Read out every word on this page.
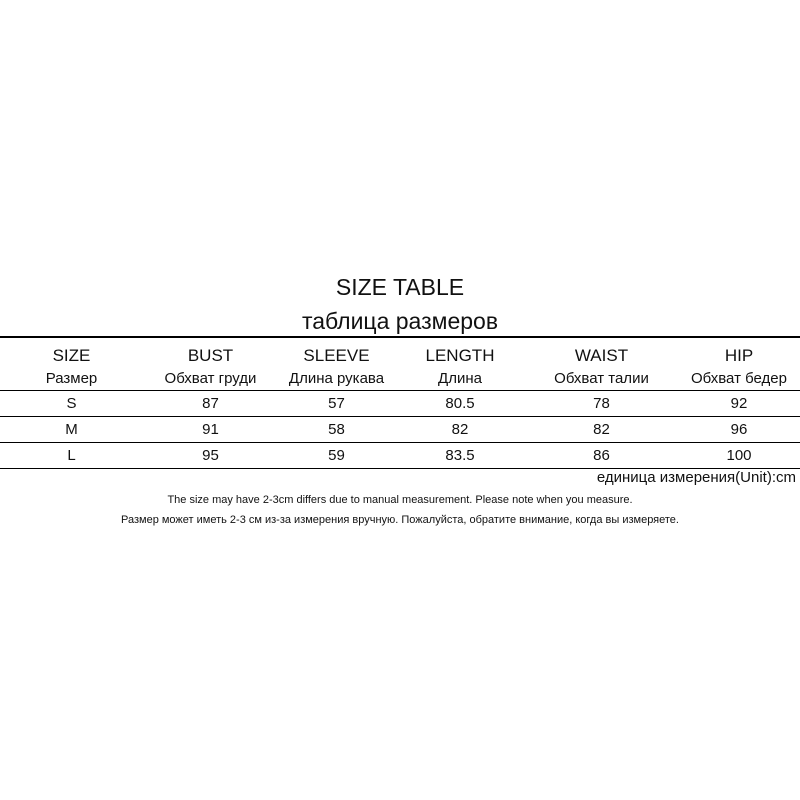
SIZE TABLE
таблица размеров
SIZE	BUST	SLEEVE	LENGTH	WAIST	HIP
Размер	Обхват груди	Длина рукава	Длина	Обхват талии	Обхват бедер
S	87	57	80.5	78	92
M	91	58	82	82	96
L	95	59	83.5	86	100
единица измерения(Unit):cm
The size may have 2-3cm differs due to manual measurement. Please note when you measure.
Размер может иметь 2-3 см из-за измерения вручную. Пожалуйста, обратите внимание, когда вы измеряете.
